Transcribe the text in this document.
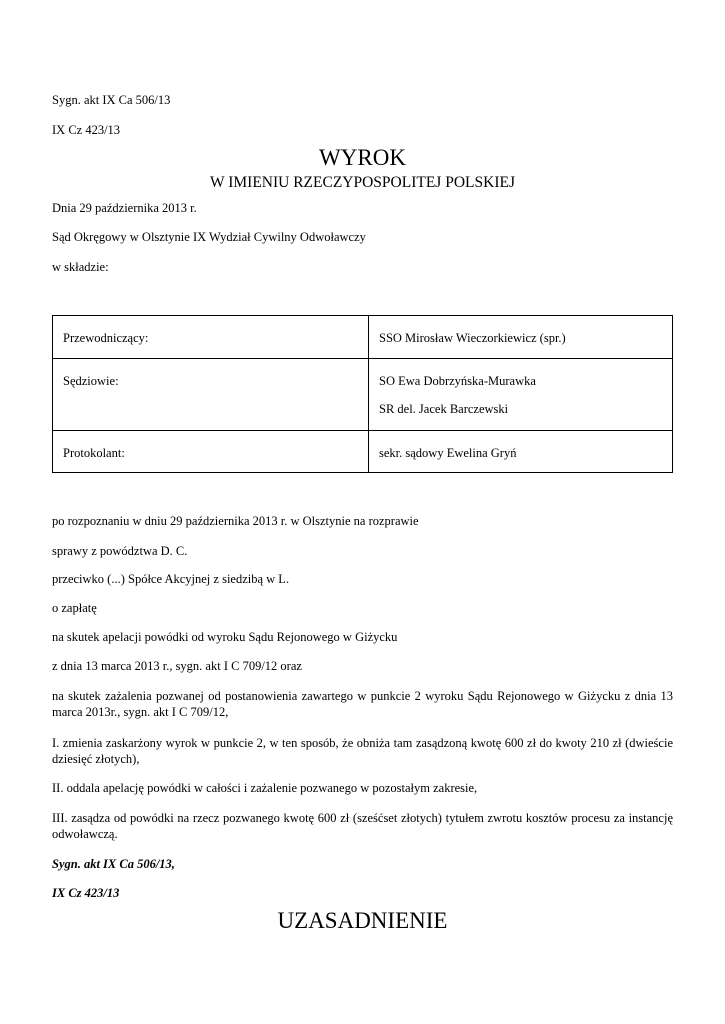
Sygn. akt IX Ca 506/13
IX Cz 423/13
WYROK
W IMIENIU RZECZYPOSPOLITEJ POLSKIEJ
Dnia 29 października 2013 r.
Sąd Okręgowy w Olsztynie IX Wydział Cywilny Odwoławczy
w składzie:
Przewodniczący:	SSO Mirosław Wieczorkiewicz (spr.)

Sędziowie:	SO Ewa Dobrzyńska-Murawka
SR del. Jacek Barczewski

Protokolant:	sekr. sądowy Ewelina Gryń
po rozpoznaniu w dniu 29 października 2013 r. w Olsztynie na rozprawie
sprawy z powództwa D. C.
przeciwko (...) Spółce Akcyjnej z siedzibą w L.
o zapłatę
na skutek apelacji powódki od wyroku Sądu Rejonowego w Giżycku
z dnia 13 marca 2013 r., sygn. akt I C 709/12 oraz
na skutek zażalenia pozwanej od postanowienia zawartego w punkcie 2 wyroku Sądu Rejonowego w Giżycku z dnia 13 marca 2013r., sygn. akt I C 709/12,
I. zmienia zaskarżony wyrok w punkcie 2, w ten sposób, że obniża tam zasądzoną kwotę 600 zł do kwoty 210 zł (dwieście dziesięć złotych),
II. oddala apelację powódki w całości i zażalenie pozwanego w pozostałym zakresie,
III. zasądza od powódki na rzecz pozwanego kwotę 600 zł (sześćset złotych) tytułem zwrotu kosztów procesu za instancję odwoławczą.
Sygn. akt IX Ca 506/13,
IX Cz 423/13
UZASADNIENIE
